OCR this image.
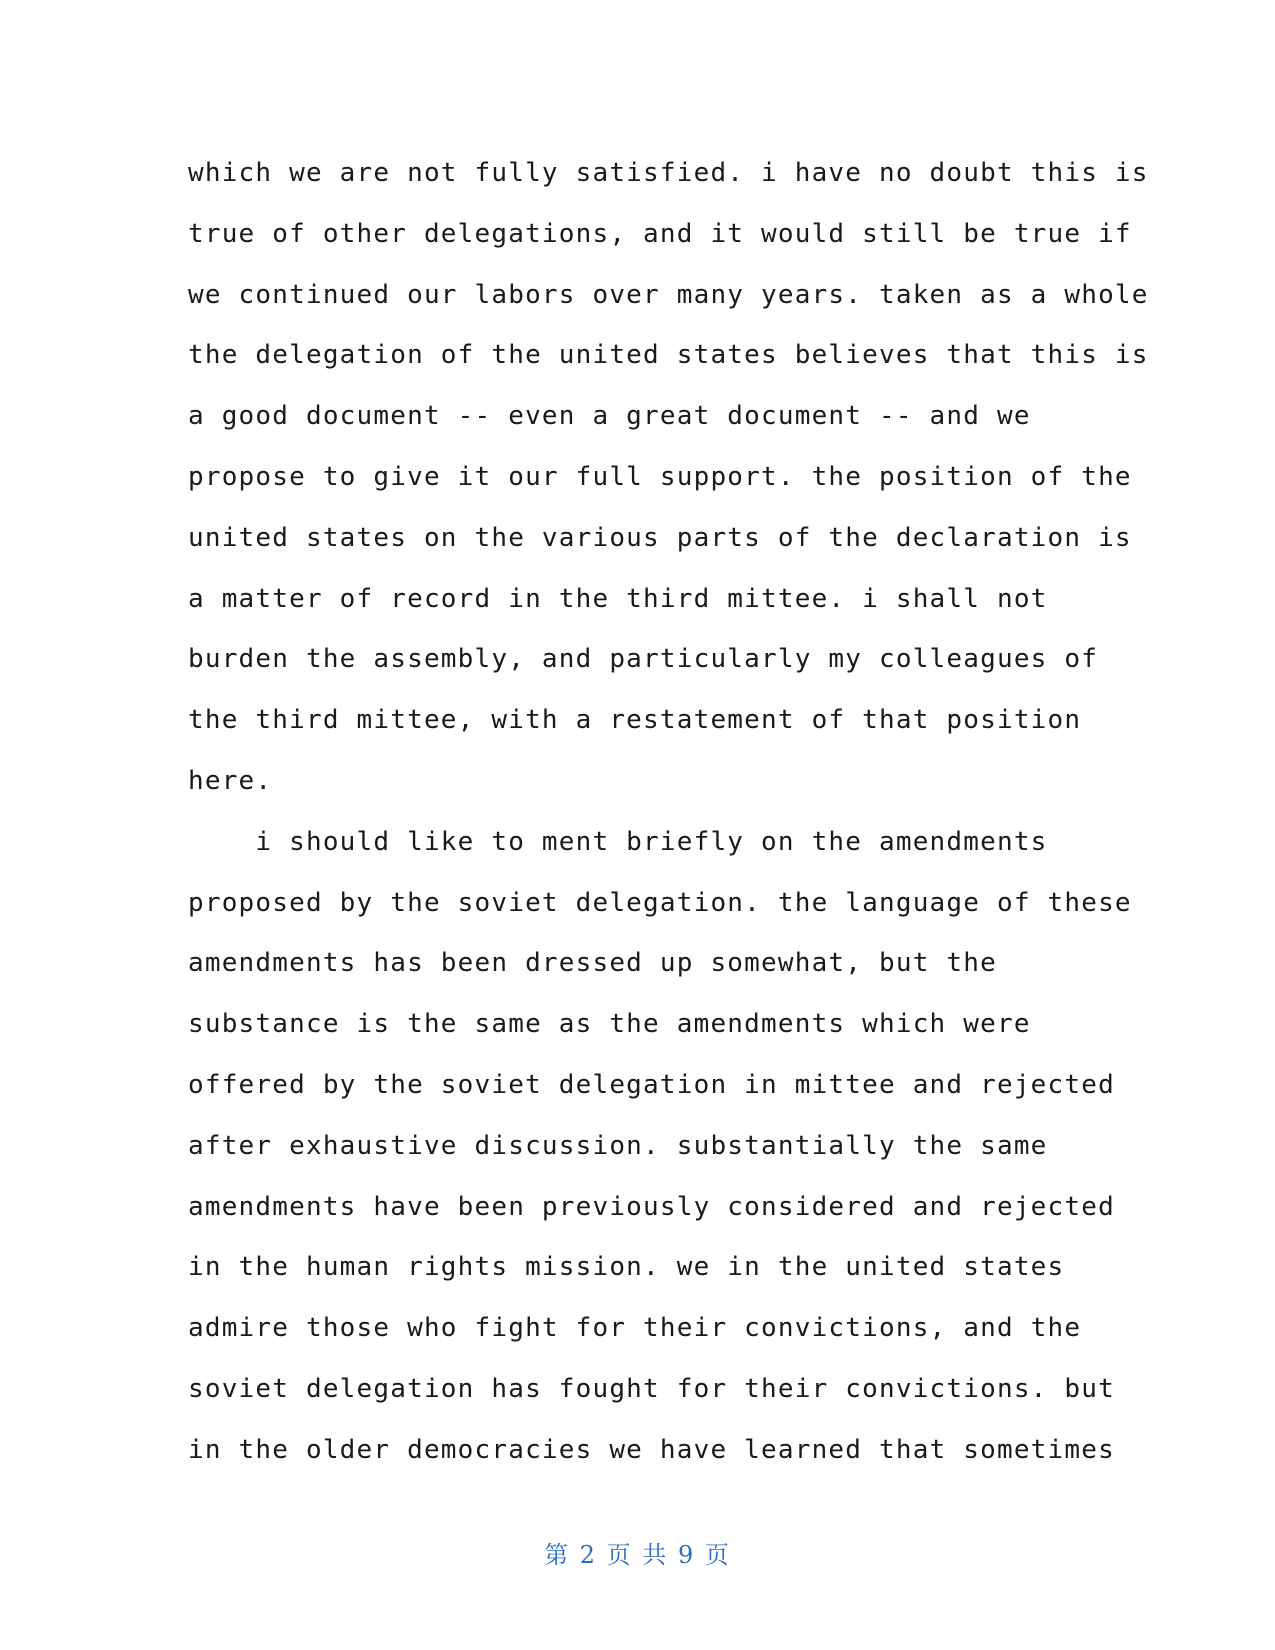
which we are not fully satisfied. i have no doubt this is
true of other delegations, and it would still be true if
we continued our labors over many years. taken as a whole
the delegation of the united states believes that this is
a good document -- even a great document -- and we
propose to give it our full support. the position of the
united states on the various parts of the declaration is
a matter of record in the third mittee. i shall not
burden the assembly, and particularly my colleagues of
the third mittee, with a restatement of that position
here.
i should like to ment briefly on the amendments
proposed by the soviet delegation. the language of these
amendments has been dressed up somewhat, but the
substance is the same as the amendments which were
offered by the soviet delegation in mittee and rejected
after exhaustive discussion. substantially the same
amendments have been previously considered and rejected
in the human rights mission. we in the united states
admire those who fight for their convictions, and the
soviet delegation has fought for their convictions. but
in the older democracies we have learned that sometimes
第 2 页 共 9 页
